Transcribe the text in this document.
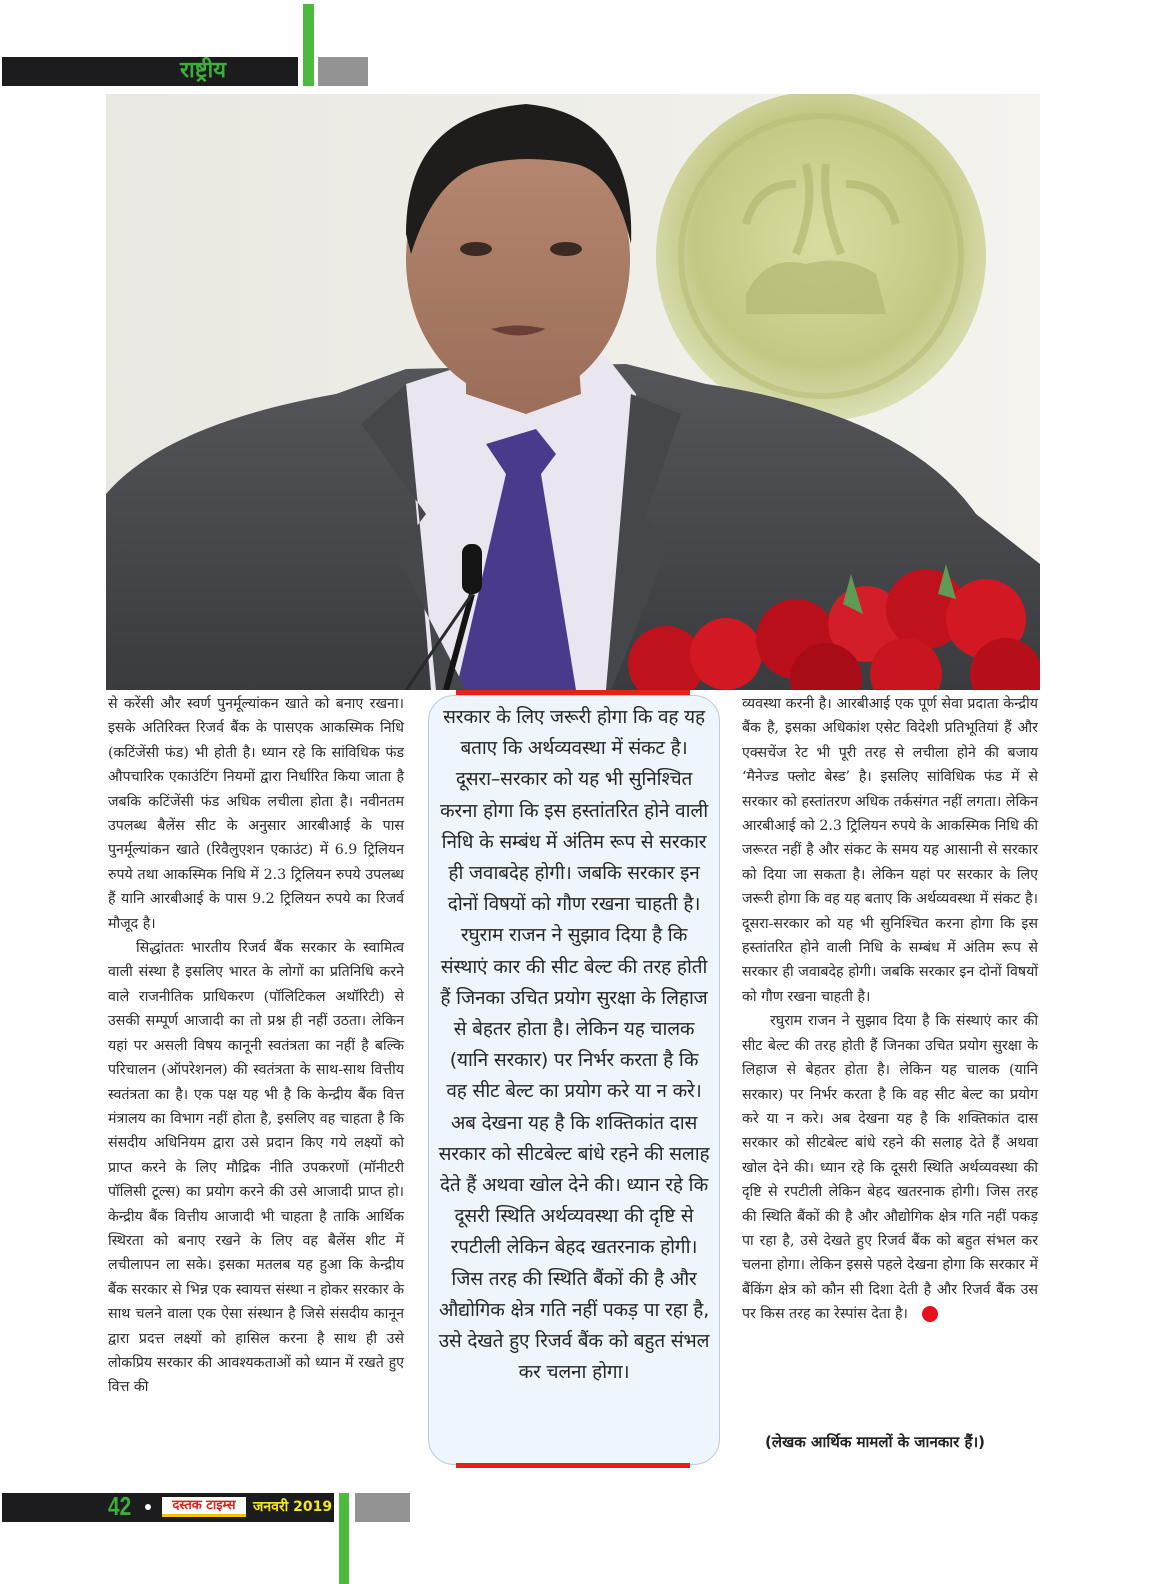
राष्ट्रीय

से करेंसी और स्वर्ण पुनर्मूल्यांकन खाते को बनाए रखना। इसके अतिरिक्त रिजर्व बैंक के पासएक आकस्मिक निधि (कटिंजेंसी फंड) भी होती है। ध्यान रहे कि सांविधिक फंड औपचारिक एकाउंटिंग नियमों द्वारा निर्धारित किया जाता है जबकि कटिंजेंसी फंड अधिक लचीला होता है। नवीनतम उपलब्ध बैलेंस सीट के अनुसार आरबीआई के पास पुनर्मूल्यांकन खाते (रिवैलुएशन एकाउंट) में 6.9 ट्रिलियन रुपये तथा आकस्मिक निधि में 2.3 ट्रिलियन रुपये उपलब्ध हैं यानि आरबीआई के पास 9.2 ट्रिलियन रुपये का रिजर्व मौजूद है।

सिद्धांततः भारतीय रिजर्व बैंक सरकार के स्वामित्व वाली संस्था है इसलिए भारत के लोगों का प्रतिनिधि करने वाले राजनीतिक प्राधिकरण (पॉलिटिकल अथॉरिटी) से उसकी सम्पूर्ण आजादी का तो प्रश्न ही नहीं उठता। लेकिन यहां पर असली विषय कानूनी स्वतंत्रता का नहीं है बल्कि परिचालन (ऑपरेशनल) की स्वतंत्रता के साथ-साथ वित्तीय स्वतंत्रता का है। एक पक्ष यह भी है कि केन्द्रीय बैंक वित्त मंत्रालय का विभाग नहीं होता है, इसलिए वह चाहता है कि संसदीय अधिनियम द्वारा उसे प्रदान किए गये लक्ष्यों को प्राप्त करने के लिए मौद्रिक नीति उपकरणों (मॉनीटरी पॉलिसी टूल्स) का प्रयोग करने की उसे आजादी प्राप्त हो। केन्द्रीय बैंक वित्तीय आजादी भी चाहता है ताकि आर्थिक स्थिरता को बनाए रखने के लिए वह बैलेंस शीट में लचीलापन ला सके। इसका मतलब यह हुआ कि केन्द्रीय बैंक सरकार से भिन्न एक स्वायत्त संस्था न होकर सरकार के साथ चलने वाला एक ऐसा संस्थान है जिसे संसदीय कानून द्वारा प्रदत्त लक्ष्यों को हासिल करना है साथ ही उसे लोकप्रिय सरकार की आवश्यकताओं को ध्यान में रखते हुए वित्त की

सरकार के लिए जरूरी होगा कि वह यह बताए कि अर्थव्यवस्था में संकट है। दूसरा–सरकार को यह भी सुनिश्चित करना होगा कि इस हस्तांतरित होने वाली निधि के सम्बंध में अंतिम रूप से सरकार ही जवाबदेह होगी। जबकि सरकार इन दोनों विषयों को गौण रखना चाहती है। रघुराम राजन ने सुझाव दिया है कि संस्थाएं कार की सीट बेल्ट की तरह होती हैं जिनका उचित प्रयोग सुरक्षा के लिहाज से बेहतर होता है। लेकिन यह चालक (यानि सरकार) पर निर्भर करता है कि वह सीट बेल्ट का प्रयोग करे या न करे। अब देखना यह है कि शक्तिकांत दास सरकार को सीटबेल्ट बांधे रहने की सलाह देते हैं अथवा खोल देने की। ध्यान रहे कि दूसरी स्थिति अर्थव्यवस्था की दृष्टि से रपटीली लेकिन बेहद खतरनाक होगी। जिस तरह की स्थिति बैंकों की है और औद्योगिक क्षेत्र गति नहीं पकड़ पा रहा है, उसे देखते हुए रिजर्व बैंक को बहुत संभल कर चलना होगा।

व्यवस्था करनी है। आरबीआई एक पूर्ण सेवा प्रदाता केन्द्रीय बैंक है, इसका अधिकांश एसेट विदेशी प्रतिभूतियां हैं और एक्सचेंज रेट भी पूरी तरह से लचीला होने की बजाय ‘मैनेज्ड फ्लोट बेस्ड’ है। इसलिए सांविधिक फंड में से सरकार को हस्तांतरण अधिक तर्कसंगत नहीं लगता। लेकिन आरबीआई को 2.3 ट्रिलियन रुपये के आकस्मिक निधि की जरूरत नहीं है और संकट के समय यह आसानी से सरकार को दिया जा सकता है। लेकिन यहां पर सरकार के लिए जरूरी होगा कि वह यह बताए कि अर्थव्यवस्था में संकट है। दूसरा-सरकार को यह भी सुनिश्चित करना होगा कि इस हस्तांतरित होने वाली निधि के सम्बंध में अंतिम रूप से सरकार ही जवाबदेह होगी। जबकि सरकार इन दोनों विषयों को गौण रखना चाहती है।

रघुराम राजन ने सुझाव दिया है कि संस्थाएं कार की सीट बेल्ट की तरह होती हैं जिनका उचित प्रयोग सुरक्षा के लिहाज से बेहतर होता है। लेकिन यह चालक (यानि सरकार) पर निर्भर करता है कि वह सीट बेल्ट का प्रयोग करे या न करे। अब देखना यह है कि शक्तिकांत दास सरकार को सीटबेल्ट बांधे रहने की सलाह देते हैं अथवा खोल देने की। ध्यान रहे कि दूसरी स्थिति अर्थव्यवस्था की दृष्टि से रपटीली लेकिन बेहद खतरनाक होगी। जिस तरह की स्थिति बैंकों की है और औद्योगिक क्षेत्र गति नहीं पकड़ पा रहा है, उसे देखते हुए रिजर्व बैंक को बहुत संभल कर चलना होगा। लेकिन इससे पहले देखना होगा कि सरकार में बैंकिंग क्षेत्र को कौन सी दिशा देती है और रिजर्व बैंक उस पर किस तरह का रेस्पांस देता है।

(लेखक आर्थिक मामलों के जानकार हैं।)
42	दस्तक टाइम्स	जनवरी 2019
